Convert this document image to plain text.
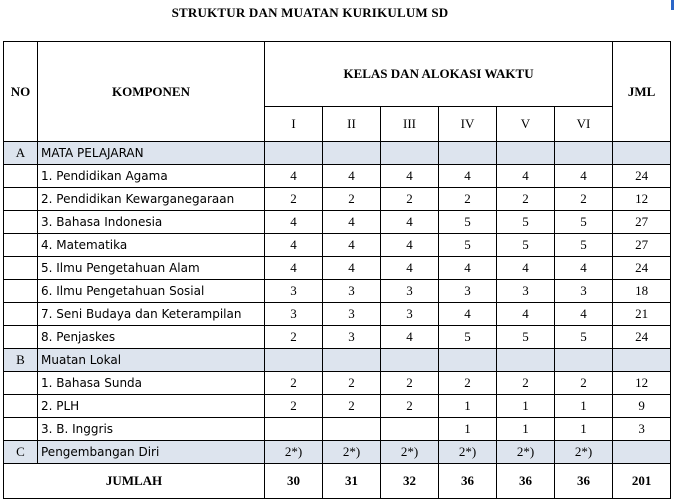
STRUKTUR DAN MUATAN KURIKULUM SD
NO	KOMPONEN	KELAS DAN ALOKASI WAKTU						JML
		I	II	III	IV	V	VI	
A	MATA PELAJARAN							
	1. Pendidikan Agama	4	4	4	4	4	4	24
	2. Pendidikan Kewarganegaraan	2	2	2	2	2	2	12
	3. Bahasa Indonesia	4	4	4	5	5	5	27
	4. Matematika	4	4	4	5	5	5	27
	5. Ilmu Pengetahuan Alam	4	4	4	4	4	4	24
	6. Ilmu Pengetahuan Sosial	3	3	3	3	3	3	18
	7. Seni Budaya dan Keterampilan	3	3	3	4	4	4	21
	8. Penjaskes	2	3	4	5	5	5	24
B	Muatan Lokal							
	1. Bahasa Sunda	2	2	2	2	2	2	12
	2. PLH	2	2	2	1	1	1	9
	3. B. Inggris				1	1	1	3
C	Pengembangan Diri	2*)	2*)	2*)	2*)	2*)	2*)	
JUMLAH		30	31	32	36	36	36	201
